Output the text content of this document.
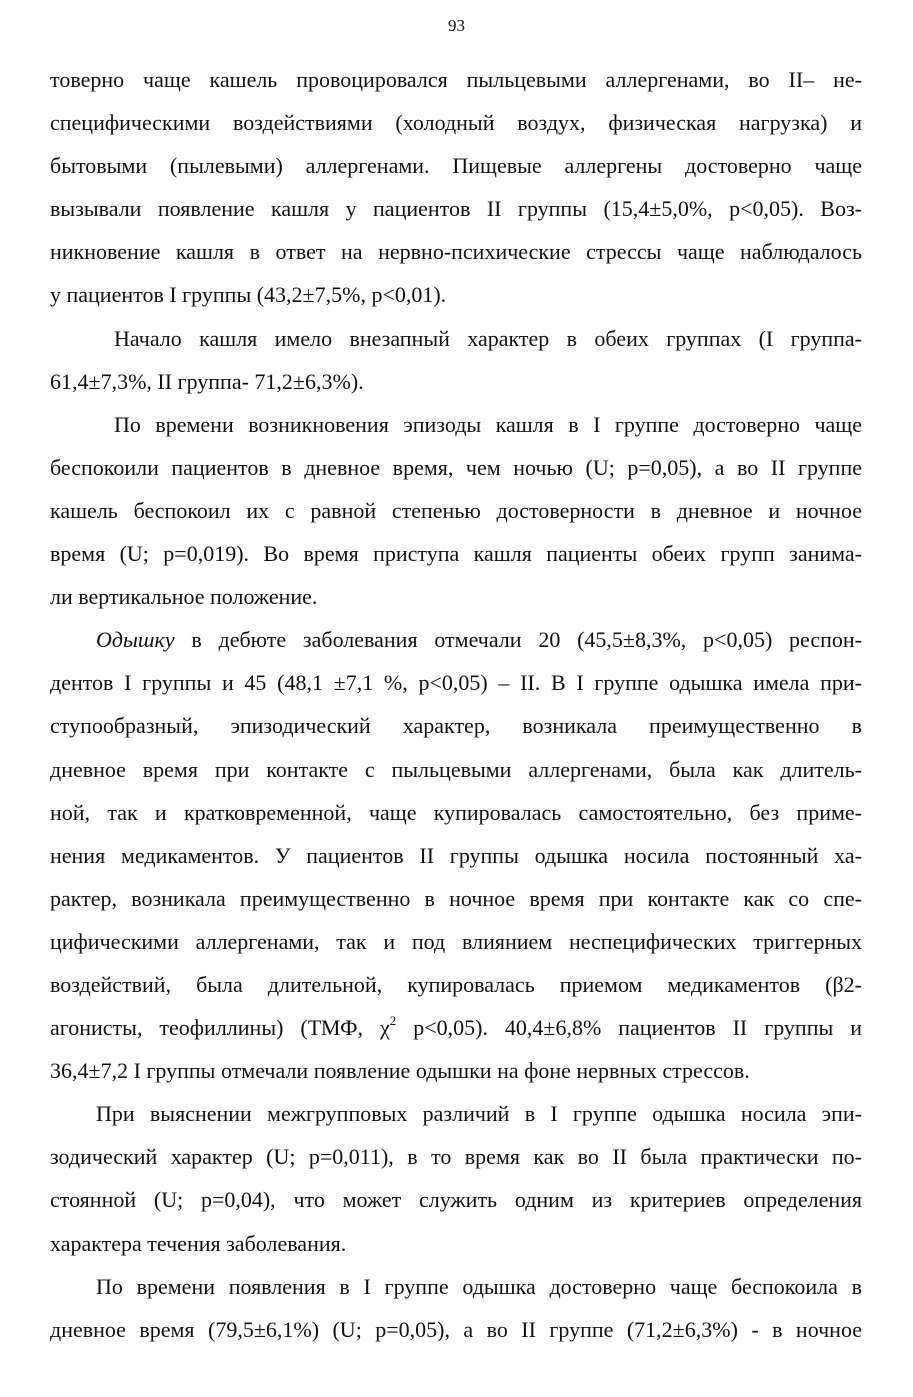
93
товерно чаще кашель провоцировался пыльцевыми аллергенами, во II– не-
специфическими воздействиями (холодный воздух, физическая нагрузка) и
бытовыми (пылевыми) аллергенами. Пищевые аллергены достоверно чаще
вызывали появление кашля у пациентов II группы (15,4±5,0%, p<0,05). Воз-
никновение кашля в ответ на нервно-психические стрессы чаще наблюдалось
у пациентов I группы (43,2±7,5%, p<0,01).
Начало кашля имело внезапный характер в обеих группах (I группа-
61,4±7,3%, II группа- 71,2±6,3%).
По времени возникновения эпизоды кашля в I группе достоверно чаще
беспокоили пациентов в дневное время, чем ночью (U; p=0,05), а во II группе
кашель беспокоил их с равной степенью достоверности в дневное и ночное
время (U; p=0,019). Во время приступа кашля пациенты обеих групп занима-
ли вертикальное положение.
Одышку в дебюте заболевания отмечали 20 (45,5±8,3%, p<0,05) респон-
дентов I группы и 45 (48,1 ±7,1 %, p<0,05) – II. В I группе одышка имела при-
ступообразный, эпизодический характер, возникала преимущественно в
дневное время при контакте с пыльцевыми аллергенами, была как длитель-
ной, так и кратковременной, чаще купировалась самостоятельно, без приме-
нения медикаментов. У пациентов II группы одышка носила постоянный ха-
рактер, возникала преимущественно в ночное время при контакте как со спе-
цифическими аллергенами, так и под влиянием неспецифических триггерных
воздействий, была длительной, купировалась приемом медикаментов (β2-
агонисты, теофиллины) (ТМФ, $\chi^2$ p<0,05). 40,4±6,8% пациентов II группы и
36,4±7,2 I группы отмечали появление одышки на фоне нервных стрессов.
При выяснении межгрупповых различий в I группе одышка носила эпи-
зодический характер (U; p=0,011), в то время как во II была практически по-
стоянной (U; p=0,04), что может служить одним из критериев определения
характера течения заболевания.
По времени появления в I группе одышка достоверно чаще беспокоила в
дневное время (79,5±6,1%) (U; p=0,05), а во II группе (71,2±6,3%) - в ночное
